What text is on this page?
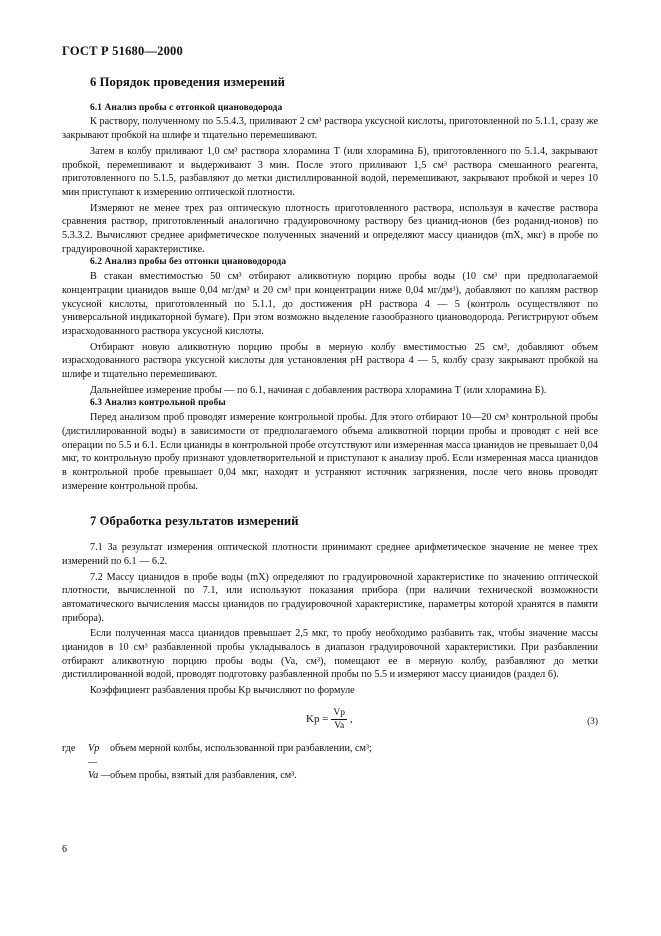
ГОСТ Р 51680—2000
6 Порядок проведения измерений
6.1 Анализ пробы с отгонкой циановодорода

К раствору, полученному по 5.5.4.3, приливают 2 см³ раствора уксусной кислоты, приготовленной по 5.1.1, сразу же закрывают пробкой на шлифе и тщательно перемешивают.

Затем в колбу приливают 1,0 см³ раствора хлорамина Т (или хлорамина Б), приготовленного по 5.1.4, закрывают пробкой, перемешивают и выдерживают 3 мин. После этого приливают 1,5 см³ раствора смешанного реагента, приготовленного по 5.1.5, разбавляют до метки дистиллированной водой, перемешивают, закрывают пробкой и через 10 мин приступают к измерению оптической плотности.

Измеряют не менее трех раз оптическую плотность приготовленного раствора, используя в качестве раствора сравнения раствор, приготовленный аналогично градуировочному раствору без цианид-ионов (без роданид-ионов) по 5.3.3.2. Вычисляют среднее арифметическое полученных значений и определяют массу цианидов (mX, мкг) в пробе по градуировочной характеристике.

6.2 Анализ пробы без отгонки циановодорода

В стакан вместимостью 50 см³ отбирают аликвотную порцию пробы воды (10 см³ при предполагаемой концентрации цианидов выше 0,04 мг/дм³ и 20 см³ при концентрации ниже 0,04 мг/дм³), добавляют по каплям раствор уксусной кислоты, приготовленный по 5.1.1, до достижения рН раствора 4 — 5 (контроль осуществляют по универсальной индикаторной бумаге). При этом возможно выделение газообразного циановодорода. Регистрируют объем израсходованного раствора уксусной кислоты.

Отбирают новую аликвотную порцию пробы в мерную колбу вместимостью 25 см³, добавляют объем израсходованного раствора уксусной кислоты для установления рН раствора 4 — 5, колбу сразу закрывают пробкой на шлифе и тщательно перемешивают.

Дальнейшее измерение пробы — по 6.1, начиная с добавления раствора хлорамина Т (или хлорамина Б).

6.3 Анализ контрольной пробы

Перед анализом проб проводят измерение контрольной пробы. Для этого отбирают 10—20 см³ контрольной пробы (дистиллированной воды) в зависимости от предполагаемого объема аликвотной порции пробы и проводят с ней все операции по 5.5 и 6.1. Если цианиды в контрольной пробе отсутствуют или измеренная масса цианидов не превышает 0,04 мкг, то контрольную пробу признают удовлетворительной и приступают к анализу проб. Если измеренная масса цианидов в контрольной пробе превышает 0,04 мкг, находят и устраняют источник загрязнения, после чего вновь проводят измерение контрольной пробы.

7 Обработка результатов измерений

7.1 За результат измерения оптической плотности принимают среднее арифметическое значение не менее трех измерений по 6.1 — 6.2.

7.2 Массу цианидов в пробе воды (mX) определяют по градуировочной характеристике по значению оптической плотности, вычисленной по 7.1, или используют показания прибора (при наличии технической возможности автоматического вычисления массы цианидов по градуировочной характеристике, параметры которой хранятся в памяти прибора).

Если полученная масса цианидов превышает 2,5 мкг, то пробу необходимо разбавить так, чтобы значение массы цианидов в 10 см³ разбавленной пробы укладывалось в диапазон градуировочной характеристики. При разбавлении отбирают аликвотную порцию пробы воды (Va, см³), помещают ее в мерную колбу, разбавляют до метки дистиллированной водой, проводят подготовку разбавленной пробы по 5.5 и измеряют массу цианидов (раздел 6).

Коэффициент разбавления пробы Kр вычисляют по формуле

Kр = $\frac{Vр}{Va}$ ,	(3)
где	Vр —
объем мерной колбы, использованной при разбавлении, см³;
Va — объем пробы, взятый для разбавления, см³.
6
